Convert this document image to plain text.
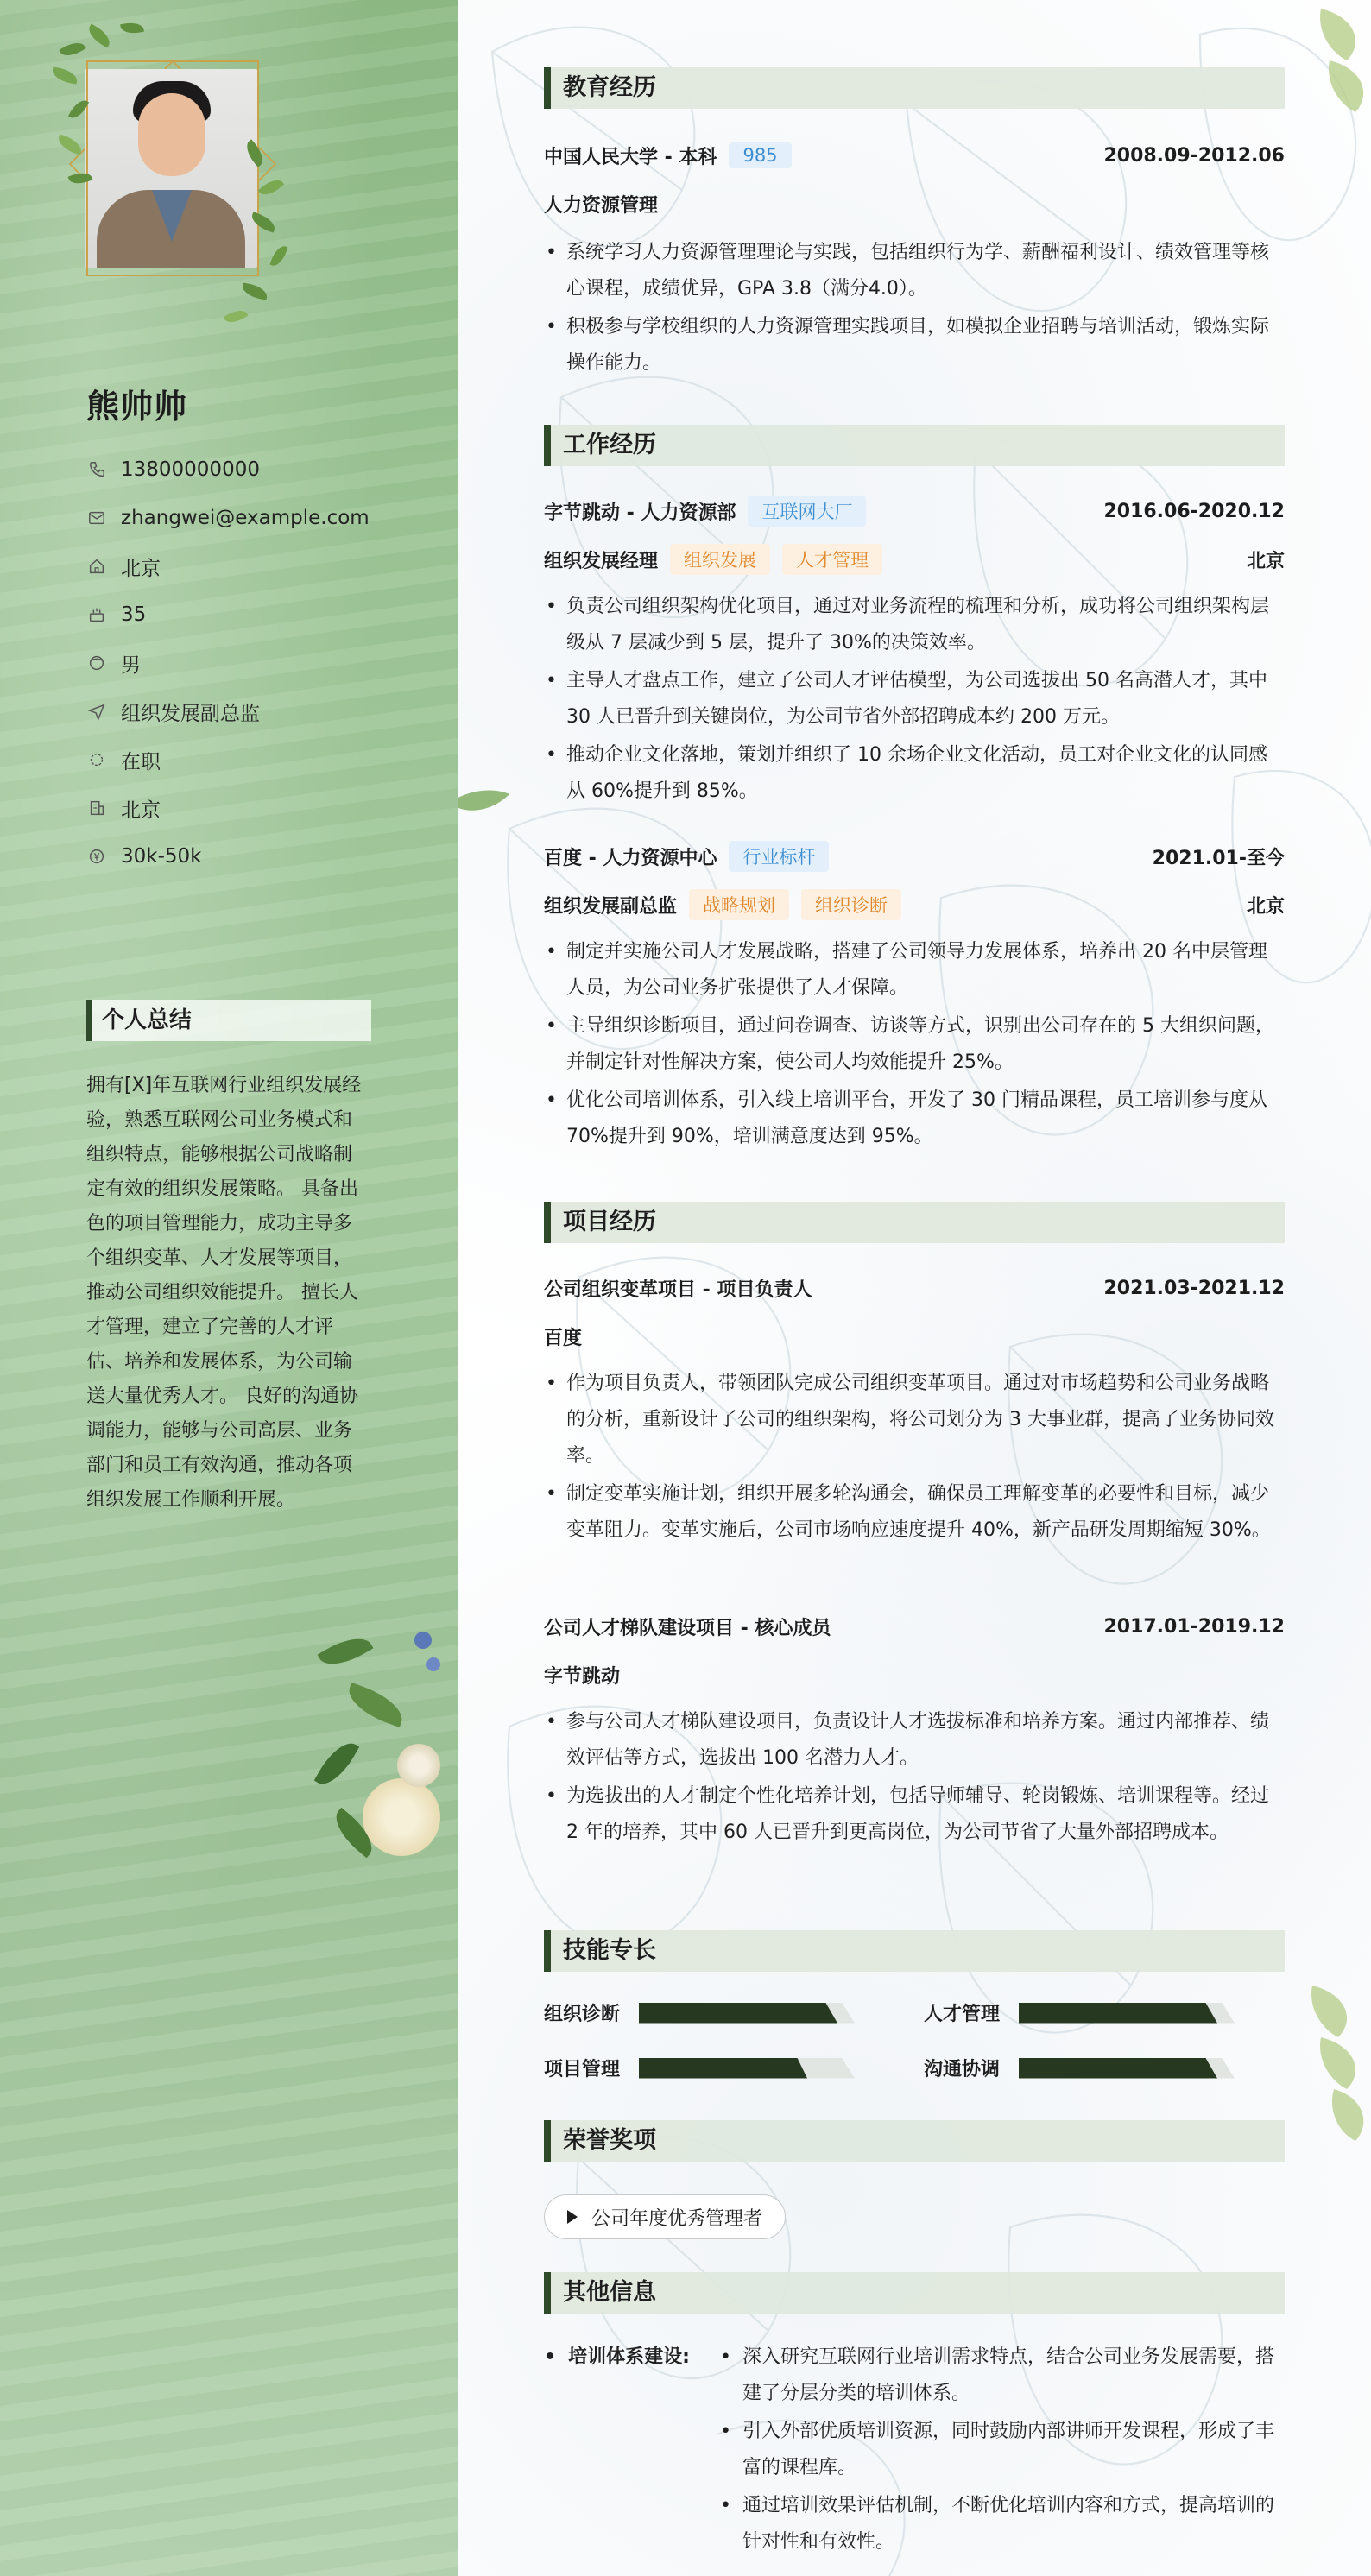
熊帅帅
13800000000
zhangwei@example.com
北京
35
男
组织发展副总监
在职
北京
30k-50k
个人总结
拥有[X]年互联网行业组织发展经验，熟悉互联网公司业务模式和组织特点，能够根据公司战略制定有效的组织发展策略。 具备出色的项目管理能力，成功主导多个组织变革、人才发展等项目，推动公司组织效能提升。 擅长人才管理，建立了完善的人才评估、培养和发展体系，为公司输送大量优秀人才。 良好的沟通协调能力，能够与公司高层、业务部门和员工有效沟通，推动各项组织发展工作顺利开展。
教育经历
中国人民大学 - 本科	985	2008.09-2012.06
人力资源管理
• 系统学习人力资源管理理论与实践，包括组织行为学、薪酬福利设计、绩效管理等核心课程，成绩优异，GPA 3.8（满分4.0）。
• 积极参与学校组织的人力资源管理实践项目，如模拟企业招聘与培训活动，锻炼实际操作能力。
工作经历
字节跳动 - 人力资源部	互联网大厂	2016.06-2020.12
组织发展经理	组织发展	人才管理	北京
• 负责公司组织架构优化项目，通过对业务流程的梳理和分析，成功将公司组织架构层级从 7 层减少到 5 层，提升了 30%的决策效率。
• 主导人才盘点工作，建立了公司人才评估模型，为公司选拔出 50 名高潜人才，其中 30 人已晋升到关键岗位，为公司节省外部招聘成本约 200 万元。
• 推动企业文化落地，策划并组织了 10 余场企业文化活动，员工对企业文化的认同感从 60%提升到 85%。
百度 - 人力资源中心	行业标杆	2021.01-至今
组织发展副总监	战略规划	组织诊断	北京
• 制定并实施公司人才发展战略，搭建了公司领导力发展体系，培养出 20 名中层管理人员，为公司业务扩张提供了人才保障。
• 主导组织诊断项目，通过问卷调查、访谈等方式，识别出公司存在的 5 大组织问题，并制定针对性解决方案，使公司人均效能提升 25%。
• 优化公司培训体系，引入线上培训平台，开发了 30 门精品课程，员工培训参与度从 70%提升到 90%，培训满意度达到 95%。
项目经历
公司组织变革项目 - 项目负责人	2021.03-2021.12
百度
• 作为项目负责人，带领团队完成公司组织变革项目。通过对市场趋势和公司业务战略的分析，重新设计了公司的组织架构，将公司划分为 3 大事业群，提高了业务协同效率。
• 制定变革实施计划，组织开展多轮沟通会，确保员工理解变革的必要性和目标，减少变革阻力。变革实施后，公司市场响应速度提升 40%，新产品研发周期缩短 30%。
公司人才梯队建设项目 - 核心成员	2017.01-2019.12
字节跳动
• 参与公司人才梯队建设项目，负责设计人才选拔标准和培养方案。通过内部推荐、绩效评估等方式，选拔出 100 名潜力人才。
• 为选拔出的人才制定个性化培养计划，包括导师辅导、轮岗锻炼、培训课程等。经过 2 年的培养，其中 60 人已晋升到更高岗位，为公司节省了大量外部招聘成本。
技能专长
组织诊断	人才管理
项目管理	沟通协调
荣誉奖项
公司年度优秀管理者
其他信息
• 培训体系建设:
•	深入研究互联网行业培训需求特点，结合公司业务发展需要，搭建了分层分类的培训体系。
• 引入外部优质培训资源，同时鼓励内部讲师开发课程，形成了丰富的课程库。
• 通过培训效果评估机制，不断优化培训内容和方式，提高培训的针对性和有效性。
